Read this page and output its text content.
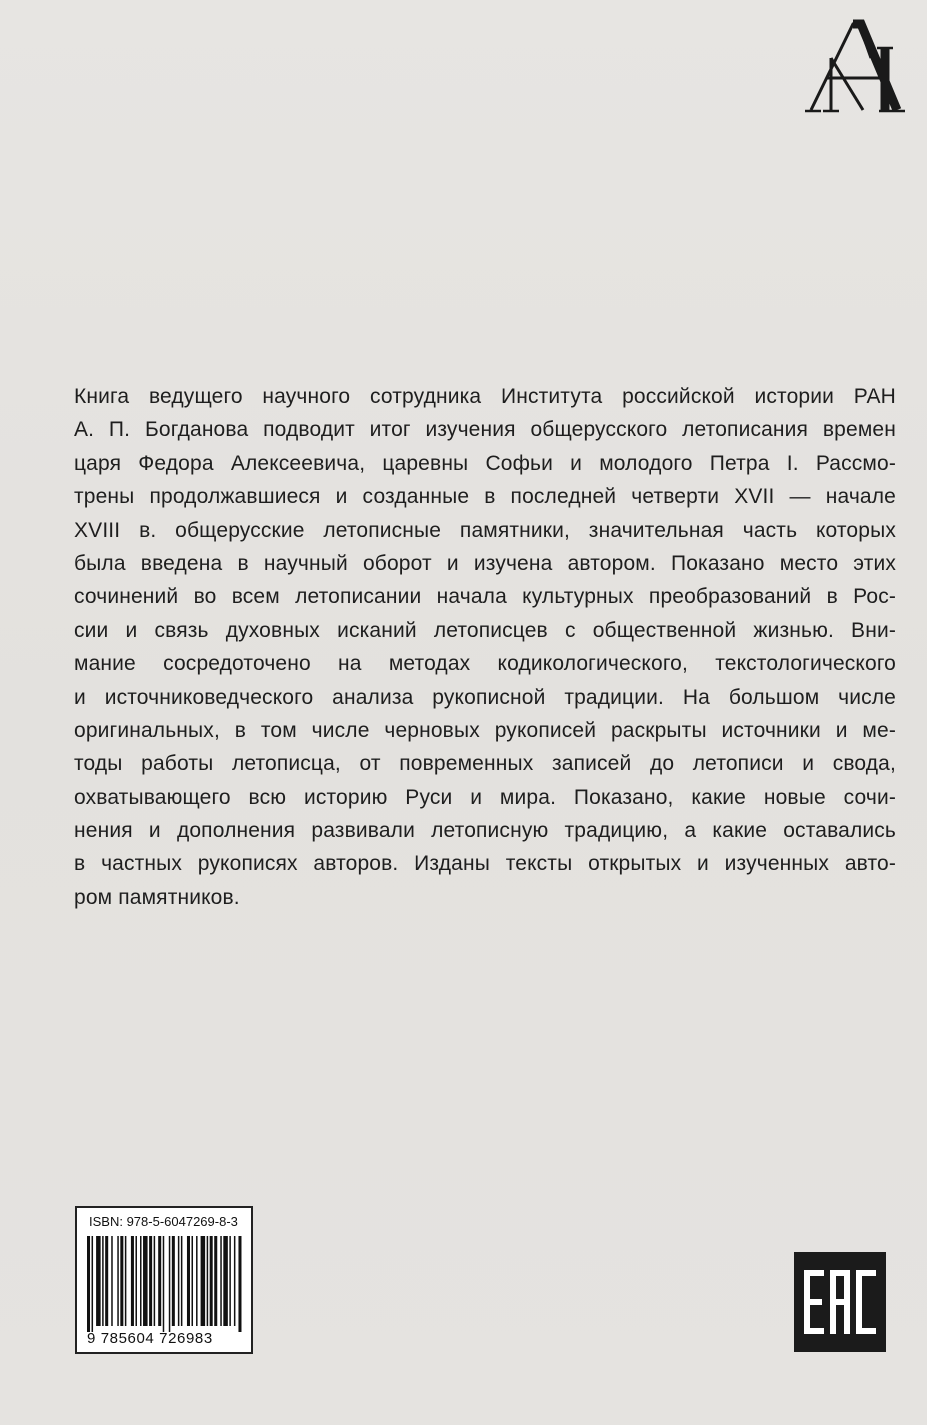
Книга ведущего научного сотрудника Института российской истории РАН
А. П. Богданова подводит итог изучения общерусского летописания времен
царя Федора Алексеевича, царевны Софьи и молодого Петра I. Рассмо-
трены продолжавшиеся и созданные в последней четверти XVII — начале
XVIII в. общерусские летописные памятники, значительная часть которых
была введена в научный оборот и изучена автором. Показано место этих
сочинений во всем летописании начала культурных преобразований в Рос-
сии и связь духовных исканий летописцев с общественной жизнью. Вни-
мание сосредоточено на методах кодикологического, текстологического
и источниковедческого анализа рукописной традиции. На большом числе
оригинальных, в том числе черновых рукописей раскрыты источники и ме-
тоды работы летописца, от повременных записей до летописи и свода,
охватывающего всю историю Руси и мира. Показано, какие новые сочи-
нения и дополнения развивали летописную традицию, а какие оставались
в частных рукописях авторов. Изданы тексты открытых и изученных авто-
ром памятников.
ISBN: 978-5-6047269-8-3
9 785604 726983
